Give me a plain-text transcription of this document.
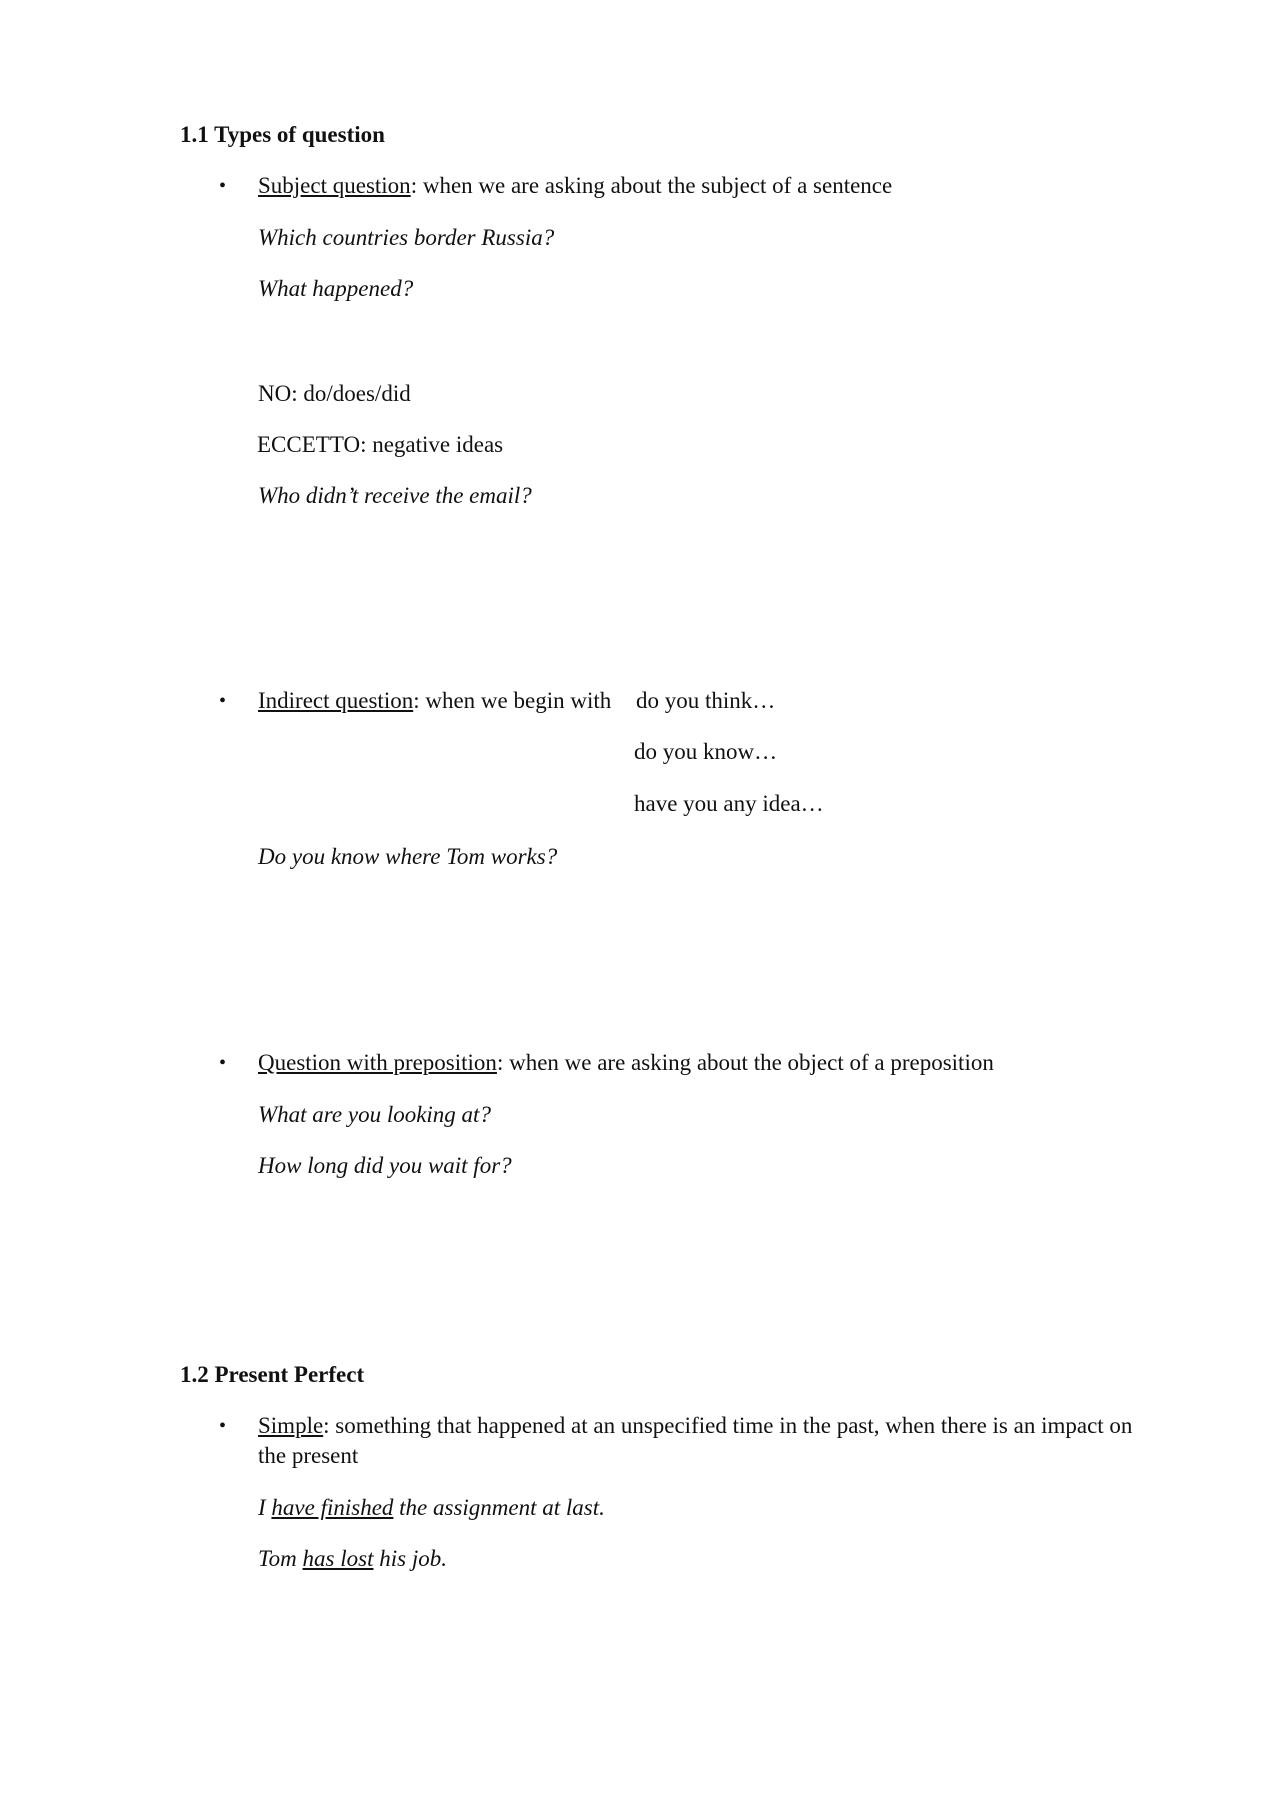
1.1 Types of question
• Subject question: when we are asking about the subject of a sentence
Which countries border Russia?
What happened?
NO: do/does/did
ECCETTO: negative ideas
Who didn’t receive the email?
• Indirect question: when we begin with do you think…
do you know…
have you any idea…
Do you know where Tom works?
• Question with preposition: when we are asking about the object of a preposition
What are you looking at?
How long did you wait for?
1.2 Present Perfect
• Simple: something that happened at an unspecified time in the past, when there is an impact on the present
I have finished the assignment at last.
Tom has lost his job.
